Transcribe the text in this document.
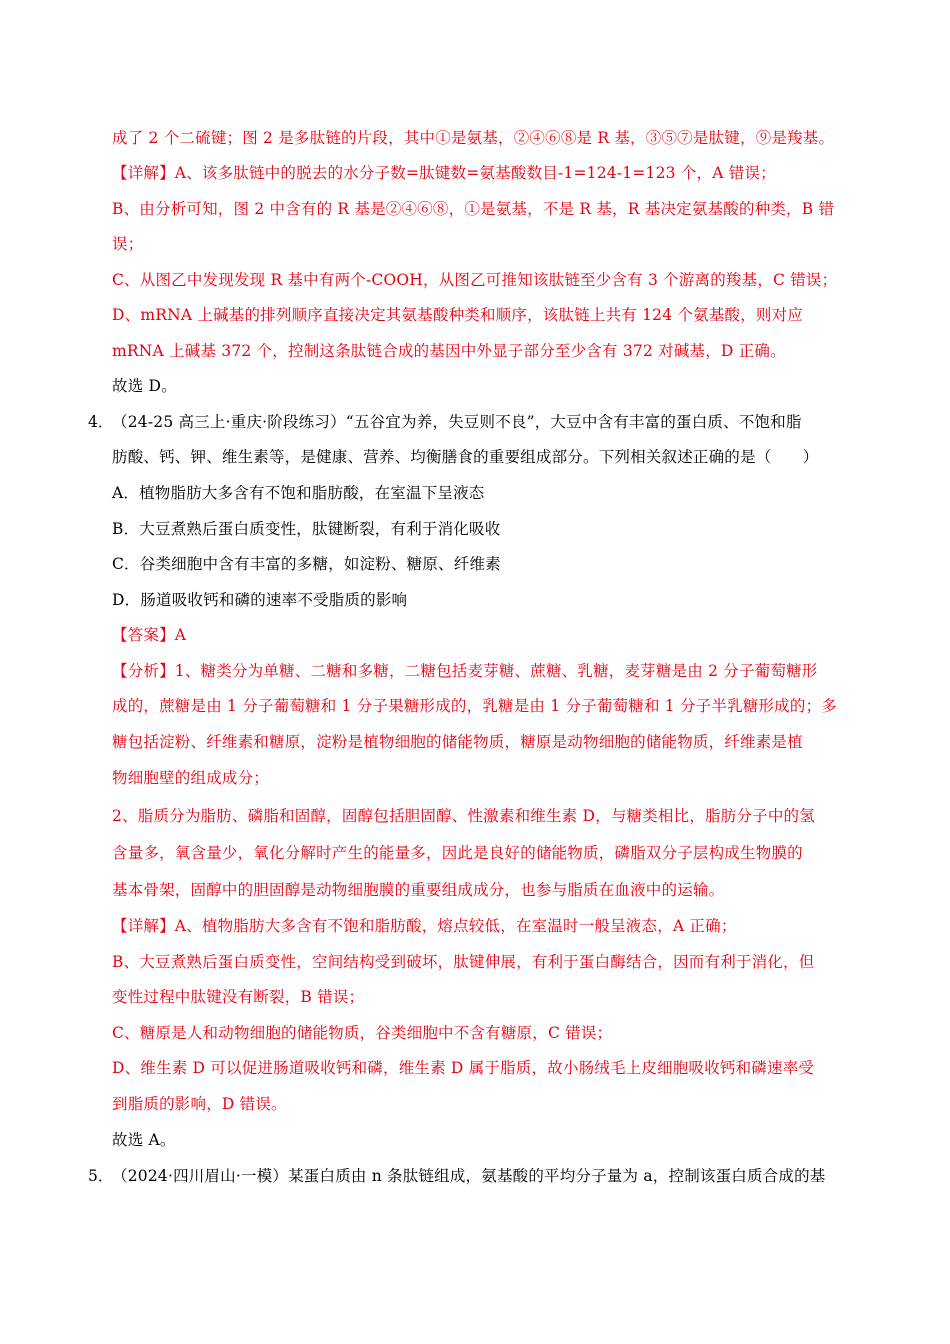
成了 2 个二硫键；图 2 是多肽链的片段，其中①是氨基，②④⑥⑧是 R 基，③⑤⑦是肽键，⑨是羧基。
【详解】A、该多肽链中的脱去的水分子数=肽键数=氨基酸数目-1=124-1=123 个，A 错误；
B、由分析可知，图 2 中含有的 R 基是②④⑥⑧，①是氨基，不是 R 基，R 基决定氨基酸的种类，B 错
误；
C、从图乙中发现发现 R 基中有两个-COOH，从图乙可推知该肽链至少含有 3 个游离的羧基，C 错误；
D、mRNA 上碱基的排列顺序直接决定其氨基酸种类和顺序，该肽链上共有 124 个氨基酸，则对应
mRNA 上碱基 372 个，控制这条肽链合成的基因中外显子部分至少含有 372 对碱基，D 正确。
故选 D。
4．
（24-25 高三上·重庆·阶段练习）“五谷宜为养，失豆则不良”，大豆中含有丰富的蛋白质、不饱和脂
肪酸、钙、钾、维生素等，是健康、营养、均衡膳食的重要组成部分。下列相关叙述正确的是（　　）
A．植物脂肪大多含有不饱和脂肪酸，在室温下呈液态
B．大豆煮熟后蛋白质变性，肽键断裂，有利于消化吸收
C．谷类细胞中含有丰富的多糖，如淀粉、糖原、纤维素
D．肠道吸收钙和磷的速率不受脂质的影响
【答案】A
【分析】1、糖类分为单糖、二糖和多糖，二糖包括麦芽糖、蔗糖、乳糖，麦芽糖是由 2 分子葡萄糖形
成的，蔗糖是由 1 分子葡萄糖和 1 分子果糖形成的，乳糖是由 1 分子葡萄糖和 1 分子半乳糖形成的；多
糖包括淀粉、纤维素和糖原，淀粉是植物细胞的储能物质，糖原是动物细胞的储能物质，纤维素是植
物细胞壁的组成成分；
2、脂质分为脂肪、磷脂和固醇，固醇包括胆固醇、性激素和维生素 D，与糖类相比，脂肪分子中的氢
含量多，氧含量少，氧化分解时产生的能量多，因此是良好的储能物质，磷脂双分子层构成生物膜的
基本骨架，固醇中的胆固醇是动物细胞膜的重要组成成分，也参与脂质在血液中的运输。
【详解】A、植物脂肪大多含有不饱和脂肪酸，熔点较低，在室温时一般呈液态，A 正确；
B、大豆煮熟后蛋白质变性，空间结构受到破坏，肽键伸展，有利于蛋白酶结合，因而有利于消化，但
变性过程中肽键没有断裂，B 错误；
C、糖原是人和动物细胞的储能物质，谷类细胞中不含有糖原，C 错误；
D、维生素 D 可以促进肠道吸收钙和磷，维生素 D 属于脂质，故小肠绒毛上皮细胞吸收钙和磷速率受
到脂质的影响，D 错误。
故选 A。
5．
（2024·四川眉山·一模）某蛋白质由 n 条肽链组成，氨基酸的平均分子量为 a，控制该蛋白质合成的基
